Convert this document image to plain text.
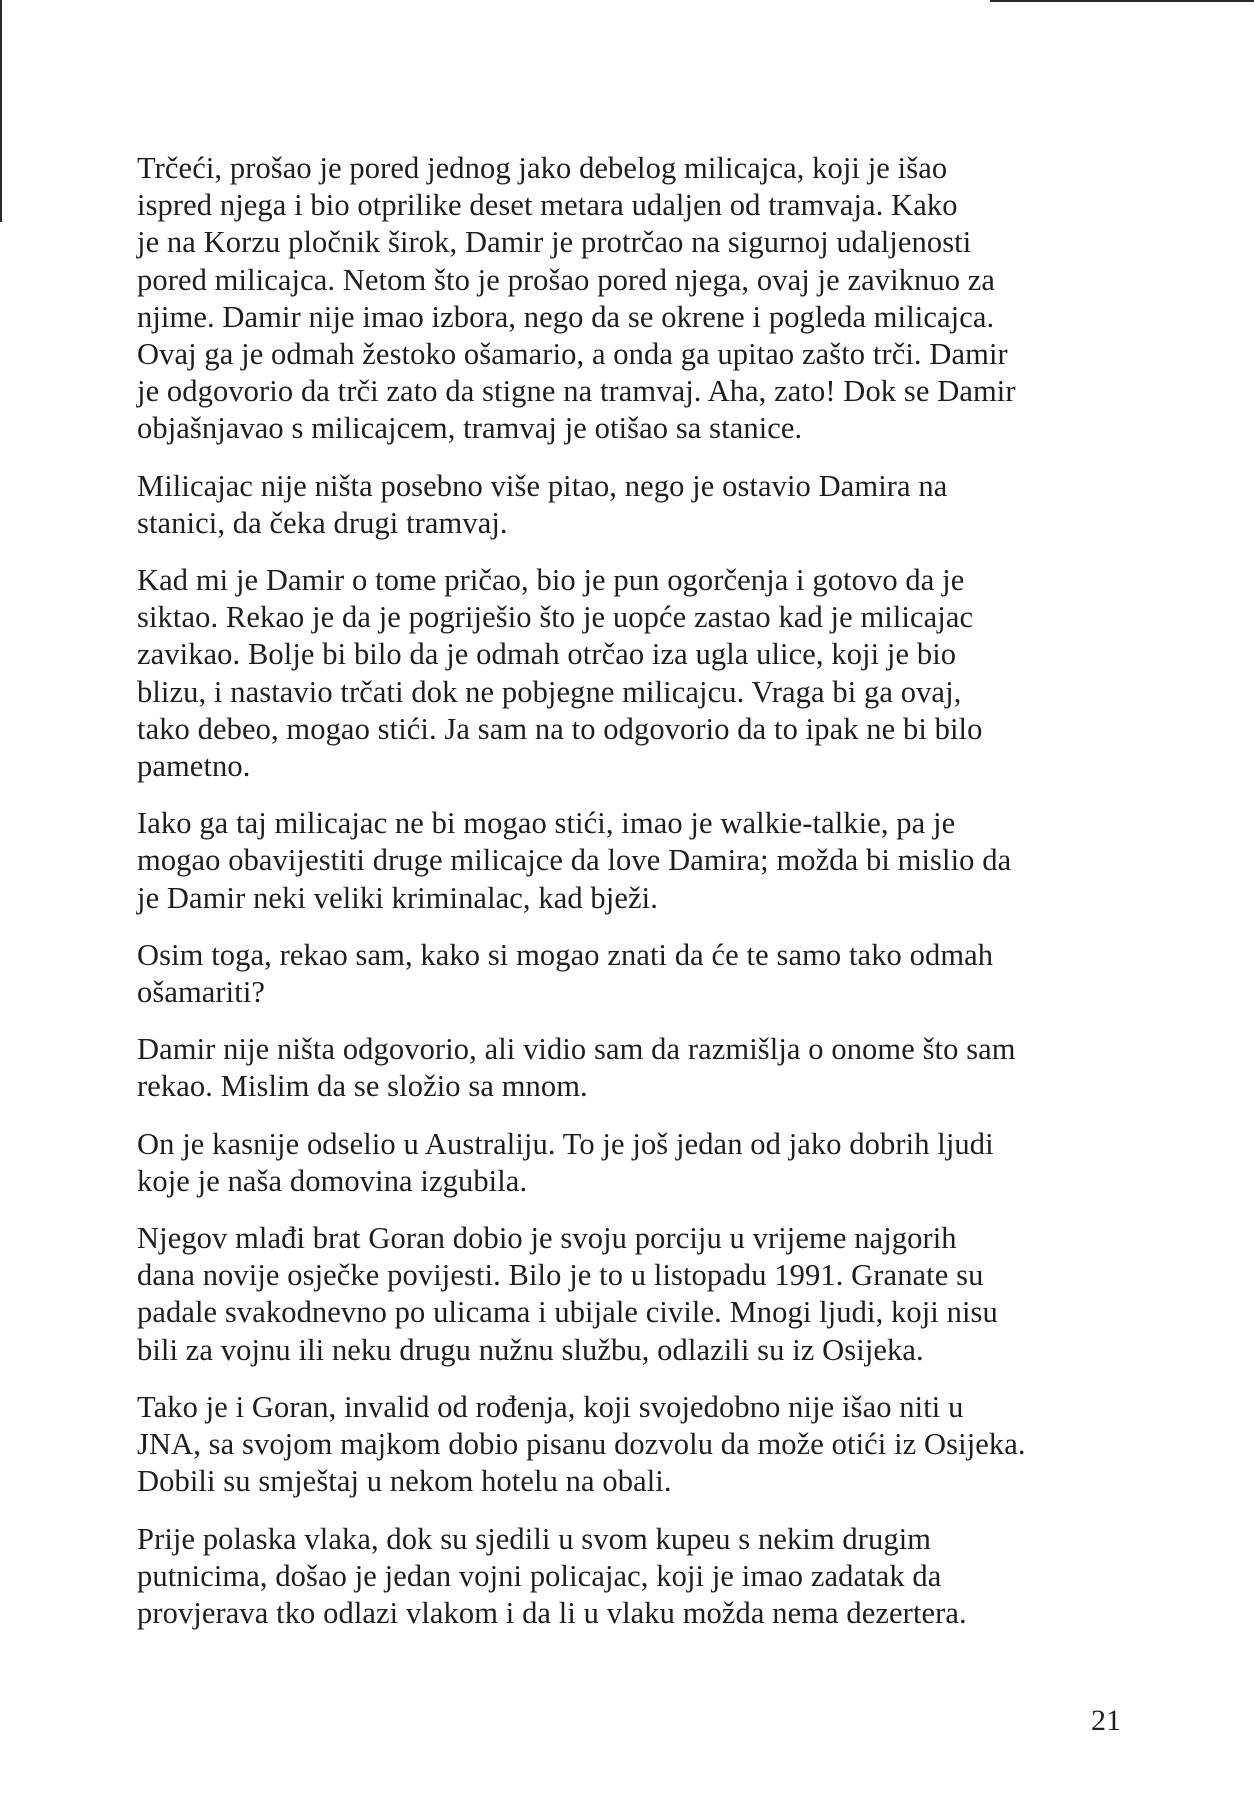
Trčeći, prošao je pored jednog jako debelog milicajca, koji je išao
ispred njega i bio otprilike deset metara udaljen od tramvaja. Kako
je na Korzu pločnik širok, Damir je protrčao na sigurnoj udaljenosti
pored milicajca. Netom što je prošao pored njega, ovaj je zaviknuo za
njime. Damir nije imao izbora, nego da se okrene i pogleda milicajca.
Ovaj ga je odmah žestoko ošamario, a onda ga upitao zašto trči. Damir
je odgovorio da trči zato da stigne na tramvaj. Aha, zato! Dok se Damir
objašnjavao s milicajcem, tramvaj je otišao sa stanice.

Milicajac nije ništa posebno više pitao, nego je ostavio Damira na
stanici, da čeka drugi tramvaj.

Kad mi je Damir o tome pričao, bio je pun ogorčenja i gotovo da je
siktao. Rekao je da je pogriješio što je uopće zastao kad je milicajac
zavikao. Bolje bi bilo da je odmah otrčao iza ugla ulice, koji je bio
blizu, i nastavio trčati dok ne pobjegne milicajcu. Vraga bi ga ovaj,
tako debeo, mogao stići. Ja sam na to odgovorio da to ipak ne bi bilo
pametno.

Iako ga taj milicajac ne bi mogao stići, imao je walkie-talkie, pa je
mogao obavijestiti druge milicajce da love Damira; možda bi mislio da
je Damir neki veliki kriminalac, kad bježi.

Osim toga, rekao sam, kako si mogao znati da će te samo tako odmah
ošamariti?

Damir nije ništa odgovorio, ali vidio sam da razmišlja o onome što sam
rekao. Mislim da se složio sa mnom.

On je kasnije odselio u Australiju. To je još jedan od jako dobrih ljudi
koje je naša domovina izgubila.

Njegov mlađi brat Goran dobio je svoju porciju u vrijeme najgorih
dana novije osječke povijesti. Bilo je to u listopadu 1991. Granate su
padale svakodnevno po ulicama i ubijale civile. Mnogi ljudi, koji nisu
bili za vojnu ili neku drugu nužnu službu, odlazili su iz Osijeka.

Tako je i Goran, invalid od rođenja, koji svojedobno nije išao niti u
JNA, sa svojom majkom dobio pisanu dozvolu da može otići iz Osijeka.
Dobili su smještaj u nekom hotelu na obali.

Prije polaska vlaka, dok su sjedili u svom kupeu s nekim drugim
putnicima, došao je jedan vojni policajac, koji je imao zadatak da
provjerava tko odlazi vlakom i da li u vlaku možda nema dezertera.

21
